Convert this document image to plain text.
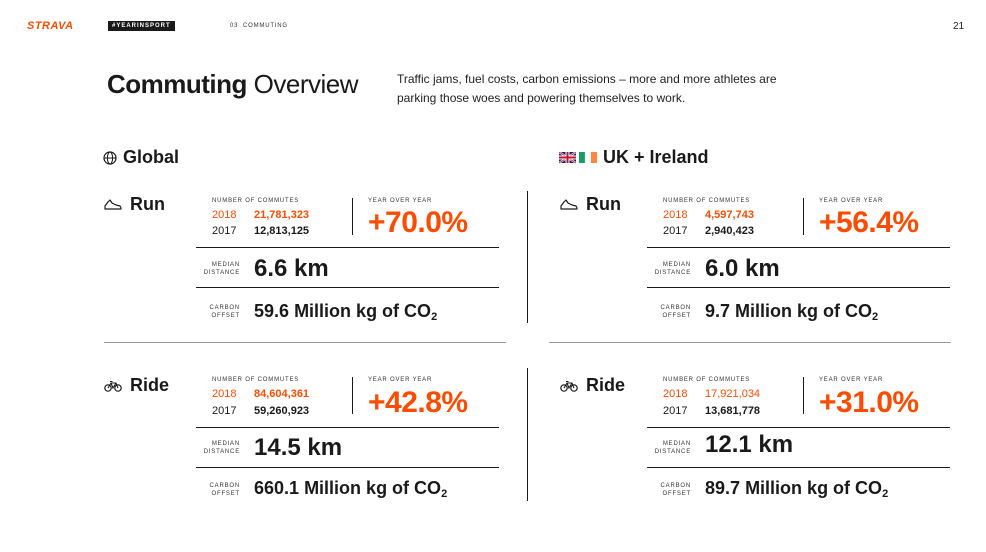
STRAVA	#YEARINSPORT	03 COMMUTING	21
Commuting Overview	Traffic jams, fuel costs, carbon emissions – more and more athletes are parking those woes and powering themselves to work.
Global	UK + Ireland
Run	NUMBER OF COMMUTES
2018 21,781,323
2017 12,813,125
YEAR OVER YEAR
+70.0%
MEDIAN
DISTANCE 6.6 km
CARBON
OFFSET 59.6 Million kg of $CO_2$
Ride	NUMBER OF COMMUTES
2018 84,604,361
2017 59,260,923
YEAR OVER YEAR
+42.8%
MEDIAN
DISTANCE 14.5 km
CARBON
OFFSET 660.1 Million kg of $CO_2$
Run	NUMBER OF COMMUTES
2018 4,597,743
2017 2,940,423
YEAR OVER YEAR
+56.4%
MEDIAN
DISTANCE 6.0 km
CARBON
OFFSET 9.7 Million kg of $CO_2$
Ride	NUMBER OF COMMUTES
2018 17,921,034
2017 13,681,778
YEAR OVER YEAR
+31.0%
MEDIAN
DISTANCE 12.1 km
CARBON
OFFSET 89.7 Million kg of $CO_2$
